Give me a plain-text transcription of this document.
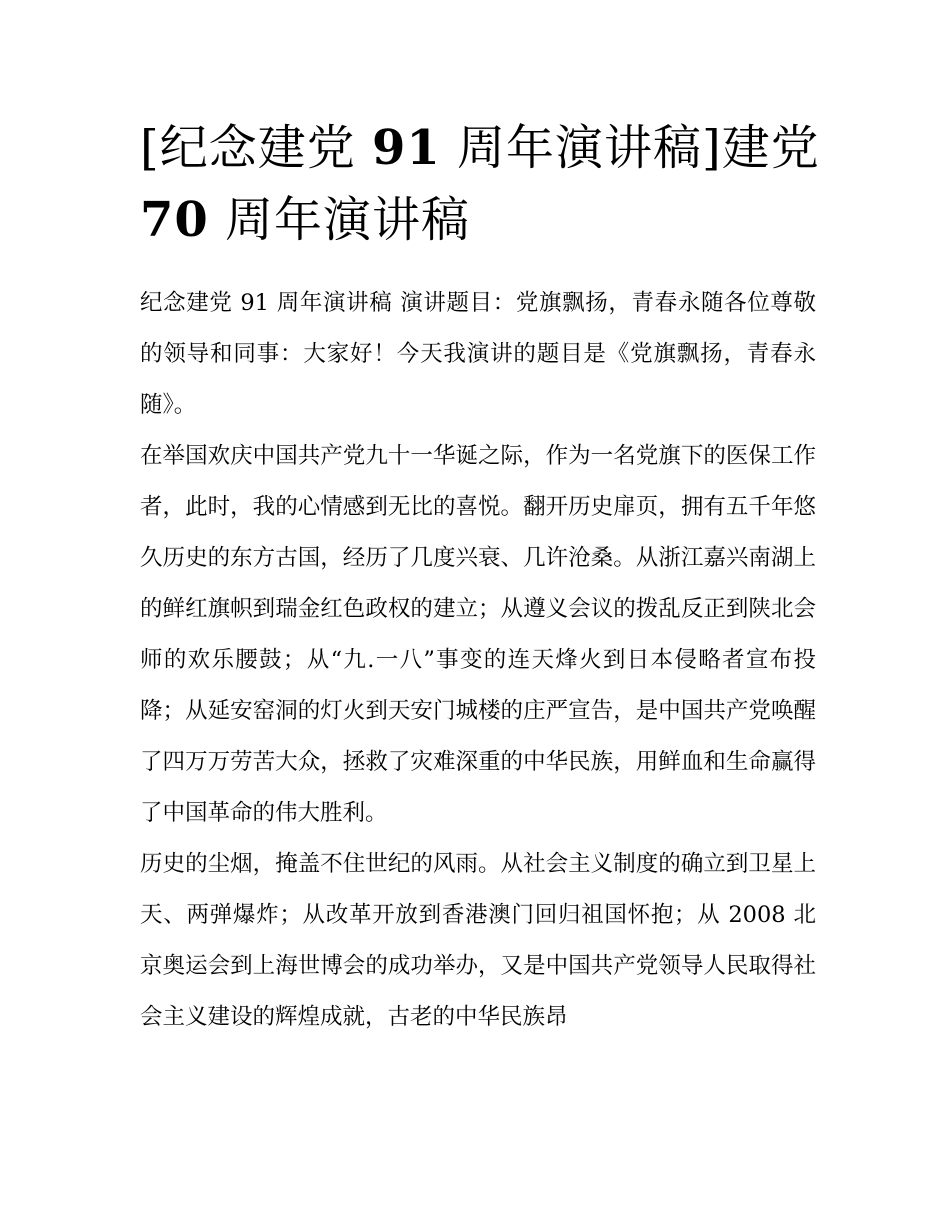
[纪念建党 91 周年演讲稿]建党
70 周年演讲稿

纪念建党 91 周年演讲稿 演讲题目：党旗飘扬，青春永随各位尊敬的领导和同事：大家好！今天我演讲的题目是《党旗飘扬，青春永随》。

在举国欢庆中国共产党九十一华诞之际，作为一名党旗下的医保工作者，此时，我的心情感到无比的喜悦。翻开历史扉页，拥有五千年悠久历史的东方古国，经历了几度兴衰、几许沧桑。从浙江嘉兴南湖上的鲜红旗帜到瑞金红色政权的建立；从遵义会议的拨乱反正到陕北会师的欢乐腰鼓；从“九.一八”事变的连天烽火到日本侵略者宣布投降；从延安窑洞的灯火到天安门城楼的庄严宣告，是中国共产党唤醒了四万万劳苦大众，拯救了灾难深重的中华民族，用鲜血和生命赢得了中国革命的伟大胜利。

历史的尘烟，掩盖不住世纪的风雨。从社会主义制度的确立到卫星上天、两弹爆炸；从改革开放到香港澳门回归祖国怀抱；从 2008 北京奥运会到上海世博会的成功举办，又是中国共产党领导人民取得社会主义建设的辉煌成就，古老的中华民族昂
